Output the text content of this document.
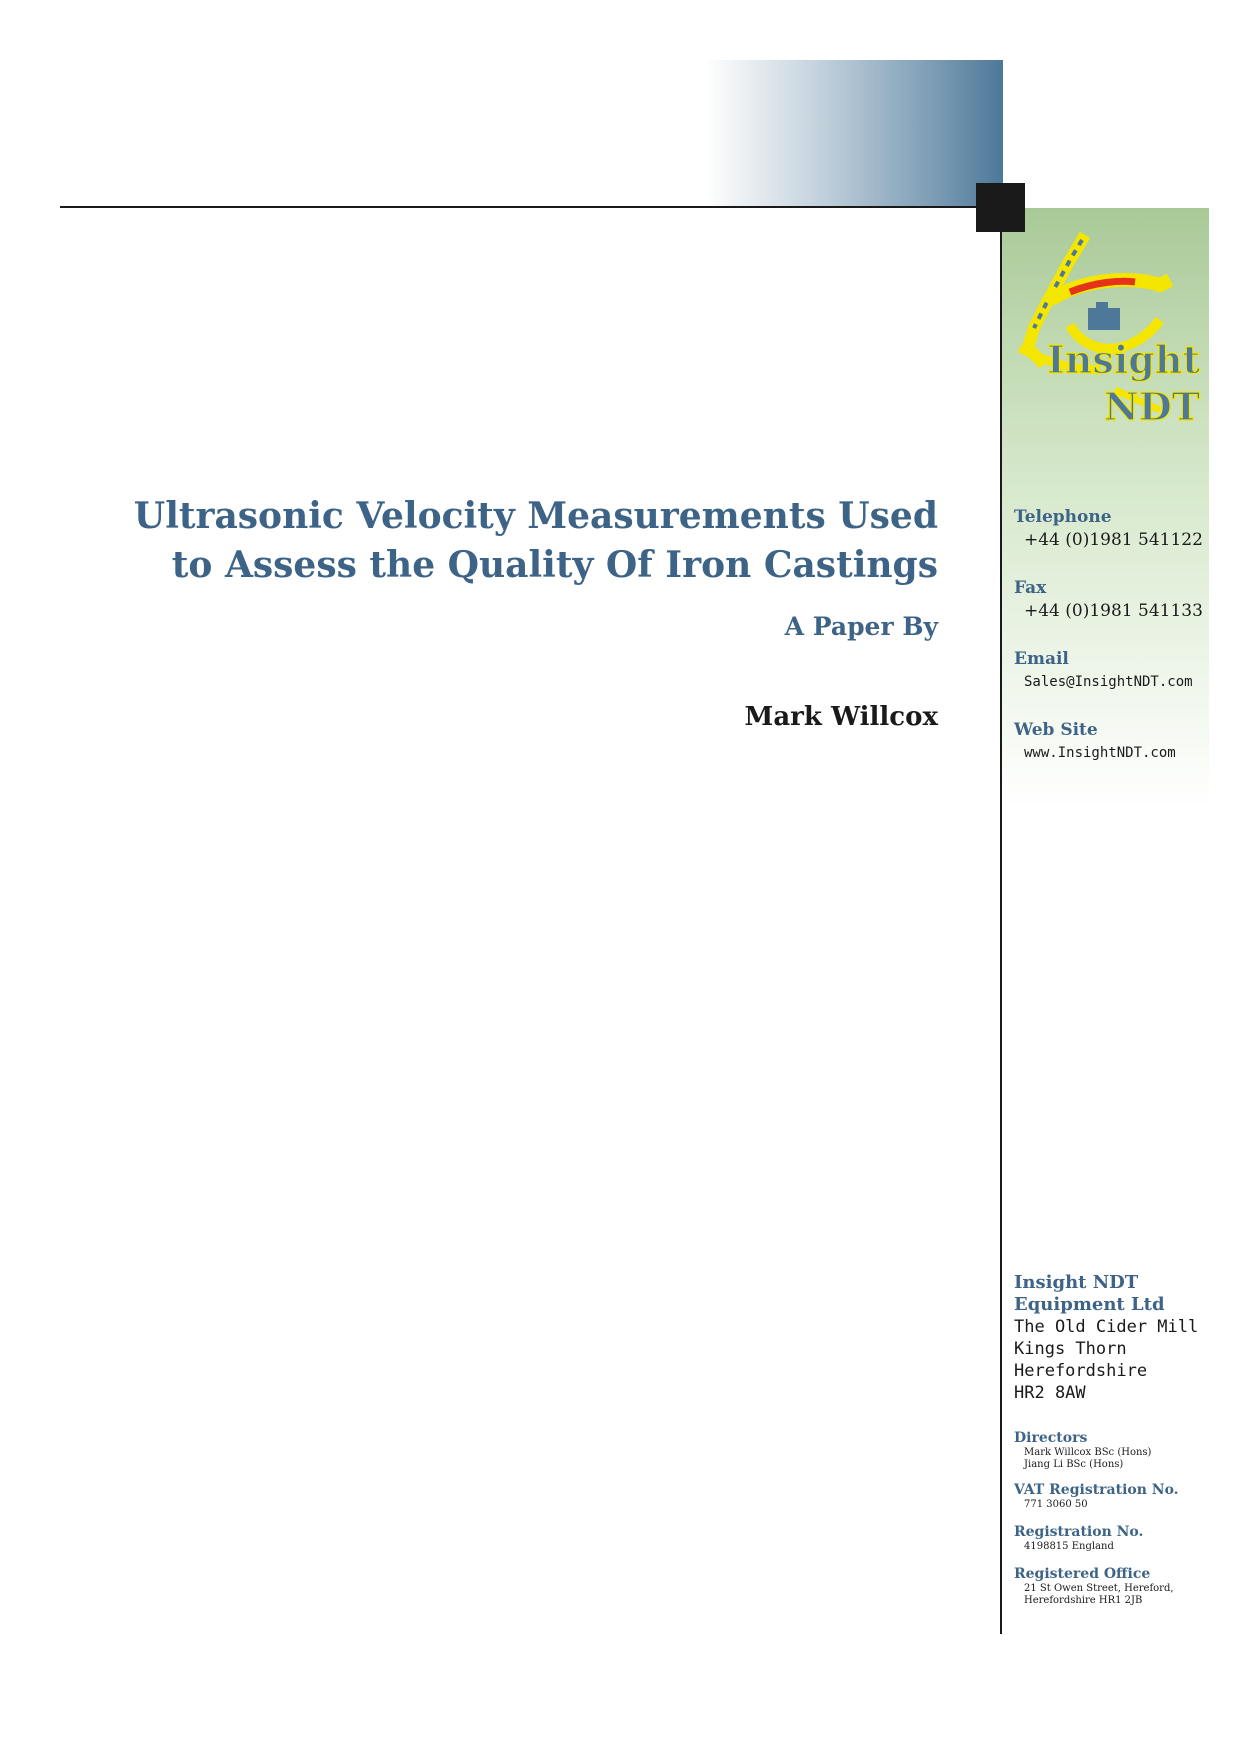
Insight
NDT
Ultrasonic Velocity Measurements Used
to Assess the Quality Of Iron Castings

A Paper By

Mark Willcox

Telephone
+44 (0)1981 541122
Fax
+44 (0)1981 541133
Email
Sales@InsightNDT.com
Web Site
www.InsightNDT.com
Insight NDT
Equipment Ltd
The Old Cider Mill
Kings Thorn
Herefordshire
HR2 8AW
Directors
Mark Willcox BSc (Hons)
Jiang Li BSc (Hons)
VAT Registration No.
771 3060 50
Registration No.
4198815 England
Registered Office
21 St Owen Street, Hereford,
Herefordshire HR1 2JB
